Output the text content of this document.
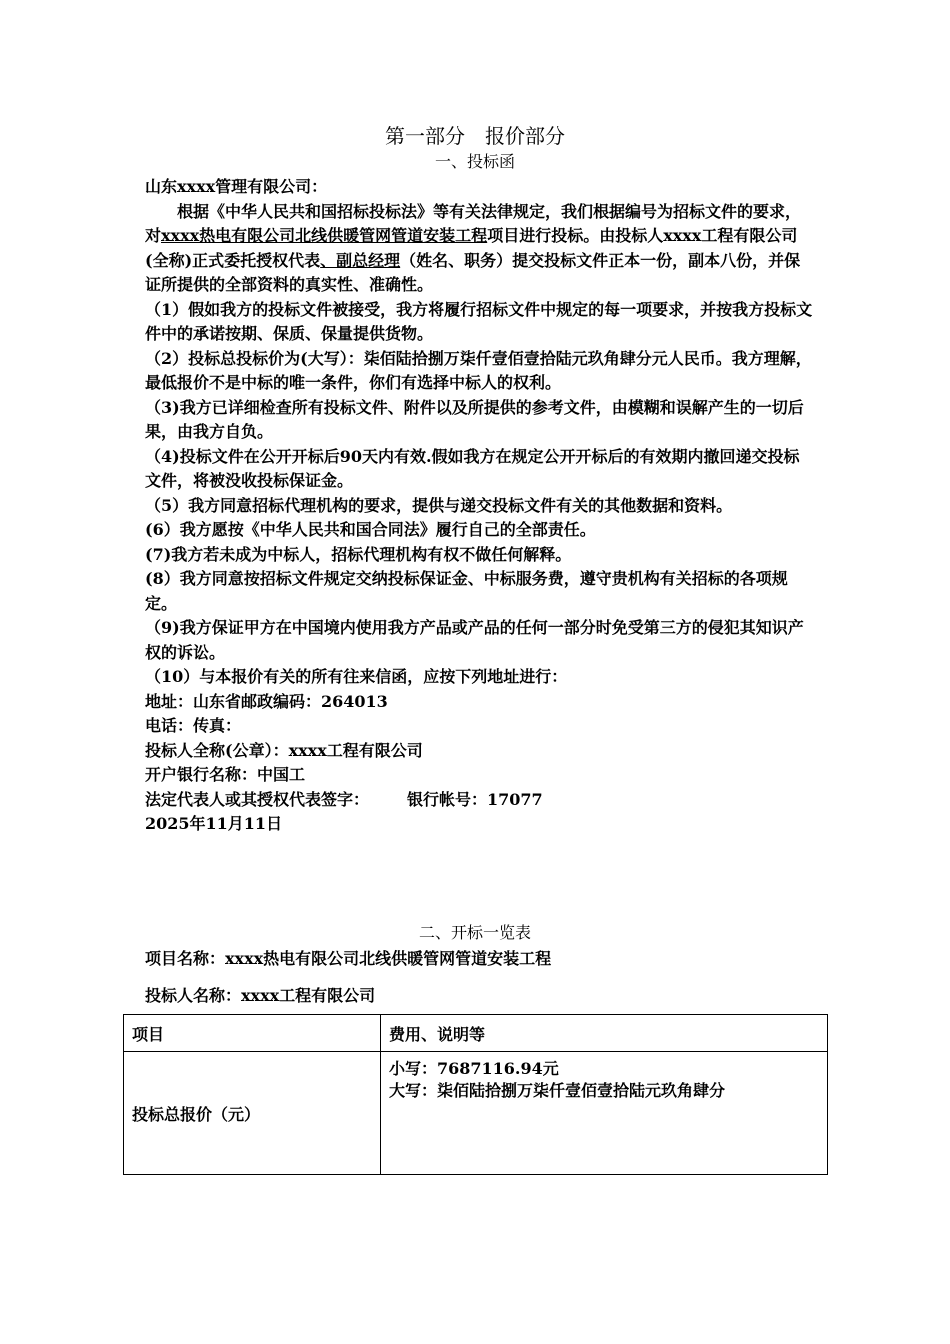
第一部分　报价部分
一、投标函

山东xxxx管理有限公司：

根据《中华人民共和国招标投标法》等有关法律规定，我们根据编号为招标文件的要求，对xxxx热电有限公司北线供暖管网管道安装工程项目进行投标。由投标人xxxx工程有限公司(全称)正式委托授权代表、副总经理（姓名、职务）提交投标文件正本一份，副本八份，并保证所提供的全部资料的真实性、准确性。

（1）假如我方的投标文件被接受，我方将履行招标文件中规定的每一项要求，并按我方投标文件中的承诺按期、保质、保量提供货物。

（2）投标总投标价为(大写）：柒佰陆拾捌万柒仟壹佰壹拾陆元玖角肆分元人民币。我方理解，最低报价不是中标的唯一条件，你们有选择中标人的权利。

（3)我方已详细检查所有投标文件、附件以及所提供的参考文件，由模糊和误解产生的一切后果，由我方自负。

（4)投标文件在公开开标后90天内有效.假如我方在规定公开开标后的有效期内撤回递交投标文件，将被没收投标保证金。

（5）我方同意招标代理机构的要求，提供与递交投标文件有关的其他数据和资料。

(6）我方愿按《中华人民共和国合同法》履行自己的全部责任。

(7)我方若未成为中标人，招标代理机构有权不做任何解释。

(8）我方同意按招标文件规定交纳投标保证金、中标服务费，遵守贵机构有关招标的各项规定。

（9)我方保证甲方在中国境内使用我方产品或产品的任何一部分时免受第三方的侵犯其知识产权的诉讼。

（10）与本报价有关的所有往来信函，应按下列地址进行：

地址：山东省邮政编码：264013
电话：传真：
投标人全称(公章）：xxxx工程有限公司
开户银行名称：中国工
法定代表人或其授权代表签字： 银行帐号：17077
2025年11月11日
二、开标一览表
项目名称：xxxx热电有限公司北线供暖管网管道安装工程
投标人名称：xxxx工程有限公司
项目	费用、说明等
投标总报价（元）	小写：7687116.94元
大写：柒佰陆拾捌万柒仟壹佰壹拾陆元玖角肆分
